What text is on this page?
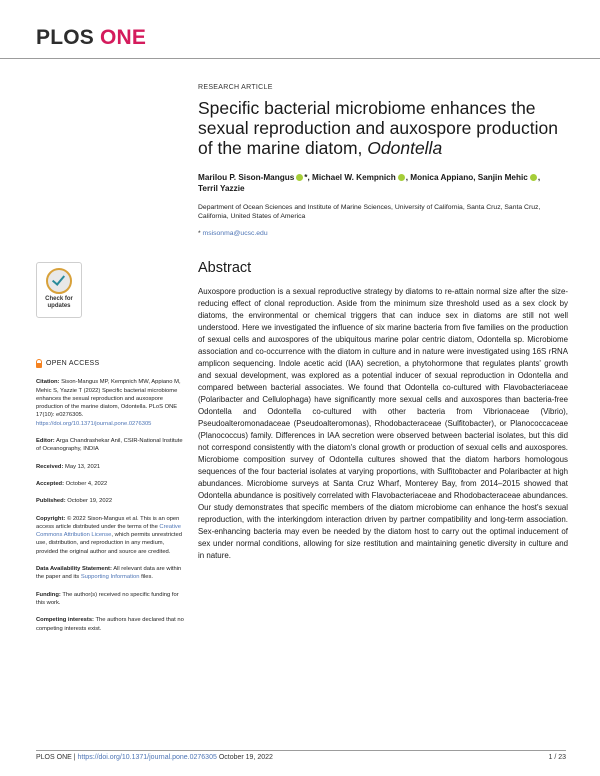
PLOS ONE
Check for
updates
RESEARCH ARTICLE
Specific bacterial microbiome enhances the sexual reproduction and auxospore production of the marine diatom, Odontella
Marilou P. Sison-Mangus *, Michael W. Kempnich , Monica Appiano, Sanjin Mehic ,
Terril Yazzie
Department of Ocean Sciences and Institute of Marine Sciences, University of California, Santa Cruz, Santa Cruz, California, United States of America
* msisonma@ucsc.edu
Abstract

Auxospore production is a sexual reproductive strategy by diatoms to re-attain normal size after the size-reducing effect of clonal reproduction. Aside from the minimum size threshold used as a sex clock by diatoms, the environmental or chemical triggers that can induce sex in diatoms are still not well understood. Here we investigated the influence of six marine bacteria from five families on the production of sexual cells and auxospores of the ubiquitous marine polar centric diatom, Odontella sp. Microbiome association and co-occurrence with the diatom in culture and in nature were investigated using 16S rRNA amplicon sequencing. Indole acetic acid (IAA) secretion, a phytohormone that regulates plants' growth and sexual development, was explored as a potential inducer of sexual reproduction in Odontella and compared between bacterial associates. We found that Odontella co-cultured with Flavobacteriaceae (Polaribacter and Cellulophaga) have significantly more sexual cells and auxospores than bacteria-free Odontella and Odontella co-cultured with other bacteria from Vibrionaceae (Vibrio), Pseudoalteromonadaceae (Pseudoalteromonas), Rhodobacteraceae (Sulfitobacter), or Planococcaceae (Planococcus) family. Differences in IAA secretion were observed between bacterial isolates, but this did not correspond consistently with the diatom's clonal growth or production of sexual cells and auxospores. Microbiome composition survey of Odontella cultures showed that the diatom harbors homologous sequences of the four bacterial isolates at varying proportions, with Sulfitobacter and Polaribacter at high abundances. Microbiome surveys at Santa Cruz Wharf, Monterey Bay, from 2014–2015 showed that Odontella abundance is positively correlated with Flavobacteriaceae and Rhodobacteraceae abundances. Our study demonstrates that specific members of the diatom microbiome can enhance the host's sexual reproduction, with the interkingdom interaction driven by partner compatibility and long-term association. Sex-enhancing bacteria may even be needed by the diatom host to carry out the optimal inducement of sex under normal conditions, allowing for size restitution and maintaining genetic diversity in culture and in nature.

OPEN ACCESS
Citation: Sison-Mangus MP, Kempnich MW, Appiano M, Mehic S, Yazzie T (2022) Specific bacterial microbiome enhances the sexual reproduction and auxospore production of the marine diatom, Odontella. PLoS ONE 17(10): e0276305. https://doi.org/10.1371/journal.pone.0276305
Editor: Arga Chandrashekar Anil, CSIR-National Institute of Oceanography, INDIA
Received: May 13, 2021
Accepted: October 4, 2022
Published: October 19, 2022
Copyright: © 2022 Sison-Mangus et al. This is an open access article distributed under the terms of the Creative Commons Attribution License, which permits unrestricted use, distribution, and reproduction in any medium, provided the original author and source are credited.
Data Availability Statement: All relevant data are within the paper and its Supporting Information files.
Funding: The author(s) received no specific funding for this work.
Competing interests: The authors have declared that no competing interests exist.
PLOS ONE | https://doi.org/10.1371/journal.pone.0276305 October 19, 2022	1 / 23
